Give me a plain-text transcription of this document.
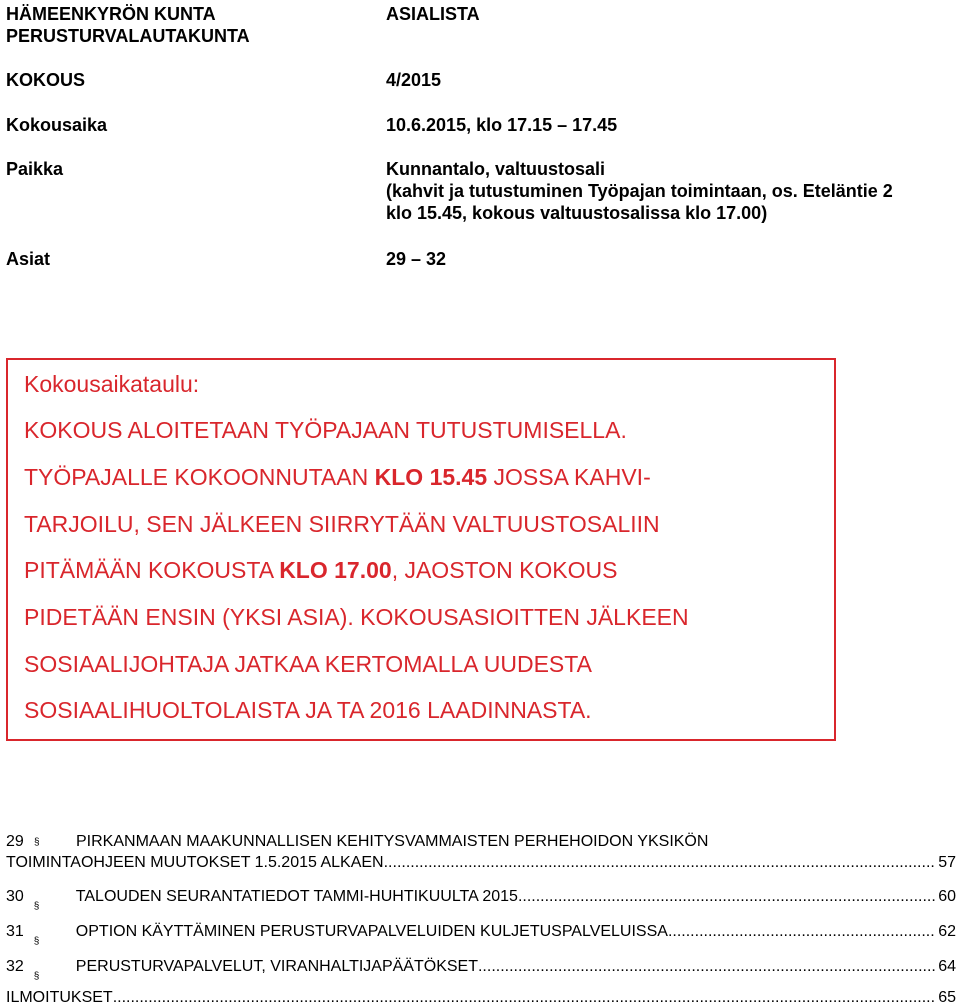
HÄMEENKYRÖN KUNTA
PERUSTURVALAUTAKUNTA
ASIALISTA
KOKOUS	4/2015
Kokousaika	10.6.2015, klo 17.15 – 17.45
Paikka	Kunnantalo, valtuustosali
(kahvit ja tutustuminen Työpajan toimintaan, os. Eteläntie 2
klo 15.45, kokous valtuustosalissa klo 17.00)
Asiat	29 – 32
Kokousaikataulu:
KOKOUS ALOITETAAN TYÖPAJAAN TUTUSTUMISELLA.
TYÖPAJALLE KOKOONNUTAAN KLO 15.45 JOSSA KAHVI-
TARJOILU, SEN JÄLKEEN SIIRRYTÄÄN VALTUUSTOSALIIN
PITÄMÄÄN KOKOUSTA KLO 17.00, JAOSTON KOKOUS
PIDETÄÄN ENSIN (YKSI ASIA). KOKOUSASIOITTEN JÄLKEEN
SOSIAALIJOHTAJA JATKAA KERTOMALLA UUDESTA
SOSIAALIHUOLTOLAISTA JA TA 2016 LAADINNASTA.
29 § PIRKANMAAN MAAKUNNALLISEN KEHITYSVAMMAISTEN PERHEHOIDON YKSIKÖN
TOIMINTAOHJEEN MUUTOKSET 1.5.2015 ALKAEN .....	57
30
§
TALOUDEN SEURANTATIEDOT TAMMI-HUHTIKUULTA 2015 .....	60
31
§
OPTION KÄYTTÄMINEN PERUSTURVAPALVELUIDEN KULJETUSPALVELUISSA .....	62
32
§
PERUSTURVAPALVELUT, VIRANHALTIJAPÄÄTÖKSET .....	64
ILMOITUKSET .....	65
